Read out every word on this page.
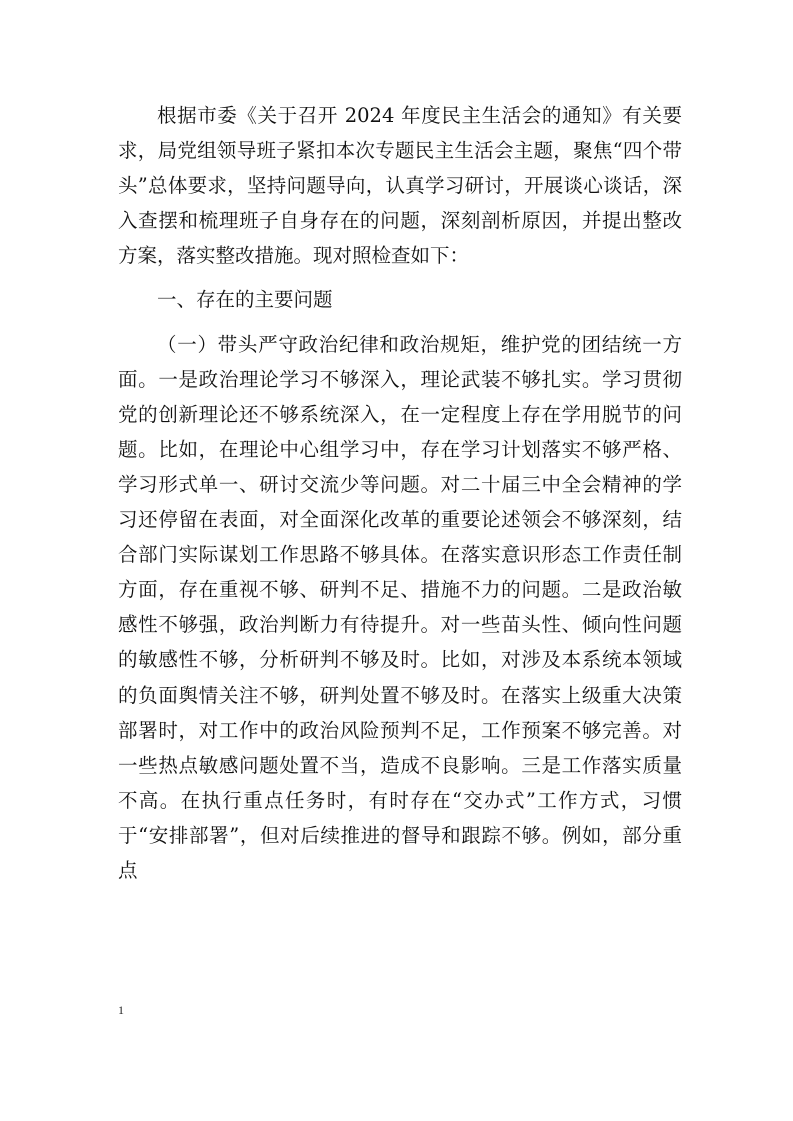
根据市委《关于召开 2024 年度民主生活会的通知》有关要求，局党组领导班子紧扣本次专题民主生活会主题，聚焦“四个带头”总体要求，坚持问题导向，认真学习研讨，开展谈心谈话，深入查摆和梳理班子自身存在的问题，深刻剖析原因，并提出整改方案，落实整改措施。现对照检查如下：

一、存在的主要问题

（一）带头严守政治纪律和政治规矩，维护党的团结统一方面。一是政治理论学习不够深入，理论武装不够扎实。学习贯彻党的创新理论还不够系统深入，在一定程度上存在学用脱节的问题。比如，在理论中心组学习中，存在学习计划落实不够严格、学习形式单一、研讨交流少等问题。对二十届三中全会精神的学习还停留在表面，对全面深化改革的重要论述领会不够深刻，结合部门实际谋划工作思路不够具体。在落实意识形态工作责任制方面，存在重视不够、研判不足、措施不力的问题。二是政治敏感性不够强，政治判断力有待提升。对一些苗头性、倾向性问题的敏感性不够，分析研判不够及时。比如，对涉及本系统本领域的负面舆情关注不够，研判处置不够及时。在落实上级重大决策部署时，对工作中的政治风险预判不足，工作预案不够完善。对一些热点敏感问题处置不当，造成不良影响。三是工作落实质量不高。在执行重点任务时，有时存在“交办式”工作方式，习惯于“安排部署”，但对后续推进的督导和跟踪不够。例如，部分重点

1
